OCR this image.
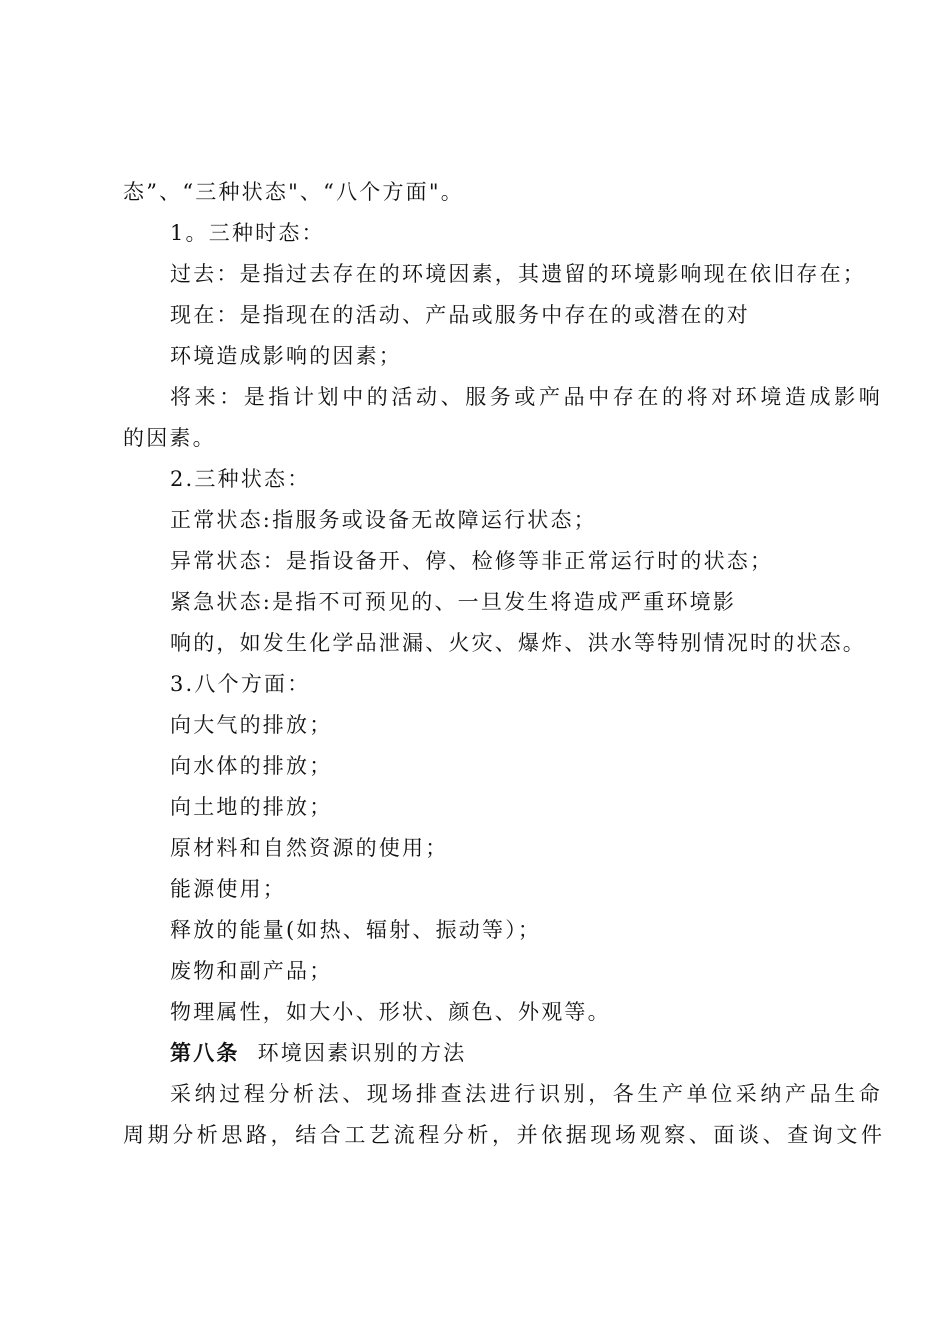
态”、“三种状态"、“八个方面"。
1。三种时态：
过去：是指过去存在的环境因素，其遗留的环境影响现在依旧存在；
现在：是指现在的活动、产品或服务中存在的或潜在的对
环境造成影响的因素；
将来：是指计划中的活动、服务或产品中存在的将对环境造成影响
的因素。
2.三种状态：
正常状态:指服务或设备无故障运行状态；
异常状态：是指设备开、停、检修等非正常运行时的状态；
紧急状态:是指不可预见的、一旦发生将造成严重环境影
响的，如发生化学品泄漏、火灾、爆炸、洪水等特别情况时的状态。
3.八个方面：
向大气的排放；
向水体的排放；
向土地的排放；
原材料和自然资源的使用；
能源使用；
释放的能量(如热、辐射、振动等）；
废物和副产品；
物理属性，如大小、形状、颜色、外观等。
第八条 环境因素识别的方法
采纳过程分析法、现场排查法进行识别，各生产单位采纳产品生命
周期分析思路，结合工艺流程分析，并依据现场观察、面谈、查询文件
